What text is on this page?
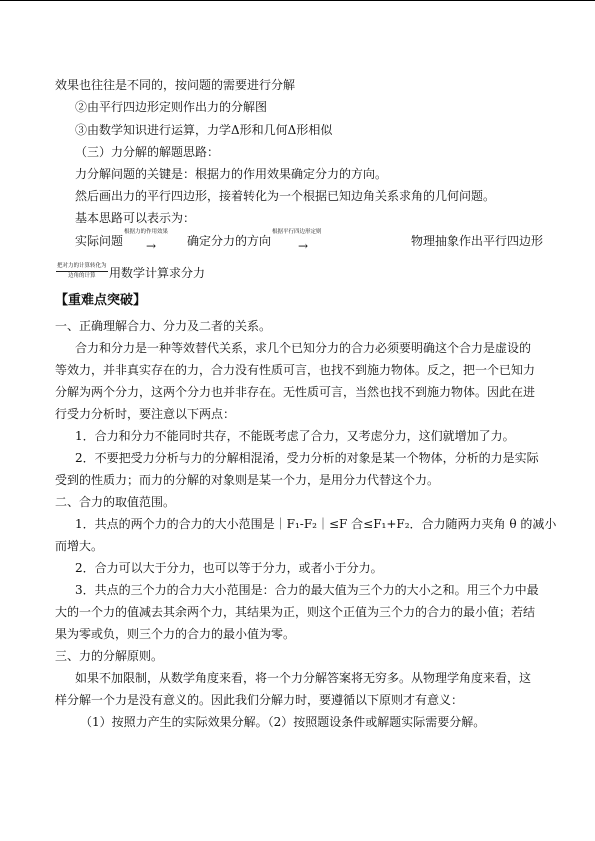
效果也往往是不同的，按问题的需要进行分解
②由平行四边形定则作出力的分解图
③由数学知识进行运算，力学Δ形和几何Δ形相似
（三）力分解的解题思路：
力分解问题的关键是：根据力的作用效果确定分力的方向。
然后画出力的平行四边形，接着转化为一个根据已知边角关系求角的几何问题。
基本思路可以表示为：
实际问题
根据力的作用效果
→	确定分力的方向
根据平行四边形定则
→	物理抽象作出平行四边形
把对力的计算转化为
边角的计算 用数学计算求分力
【重难点突破】
一、正确理解合力、分力及二者的关系。
合力和分力是一种等效替代关系，求几个已知分力的合力必须要明确这个合力是虚设的
等效力，并非真实存在的力，合力没有性质可言，也找不到施力物体。反之，把一个已知力
分解为两个分力，这两个分力也并非存在。无性质可言，当然也找不到施力物体。因此在进
行受力分析时，要注意以下两点：
1．合力和分力不能同时共存，不能既考虑了合力，又考虑分力，这们就增加了力。
2．不要把受力分析与力的分解相混淆，受力分析的对象是某一个物体，分析的力是实际
受到的性质力；而力的分解的对象则是某一个力，是用分力代替这个力。
二、合力的取值范围。
1．共点的两个力的合力的大小范围是｜F₁-F₂｜≤F 合≤F₁+F₂．合力随两力夹角 θ 的减小
而增大。
2．合力可以大于分力，也可以等于分力，或者小于分力。
3．共点的三个力的合力大小范围是：合力的最大值为三个力的大小之和。用三个力中最
大的一个力的值减去其余两个力，其结果为正，则这个正值为三个力的合力的最小值；若结
果为零或负，则三个力的合力的最小值为零。
三、力的分解原则。
如果不加限制，从数学角度来看，将一个力分解答案将无穷多。从物理学角度来看，这
样分解一个力是没有意义的。因此我们分解力时，要遵循以下原则才有意义：
（1）按照力产生的实际效果分解。（2）按照题设条件或解题实际需要分解。
